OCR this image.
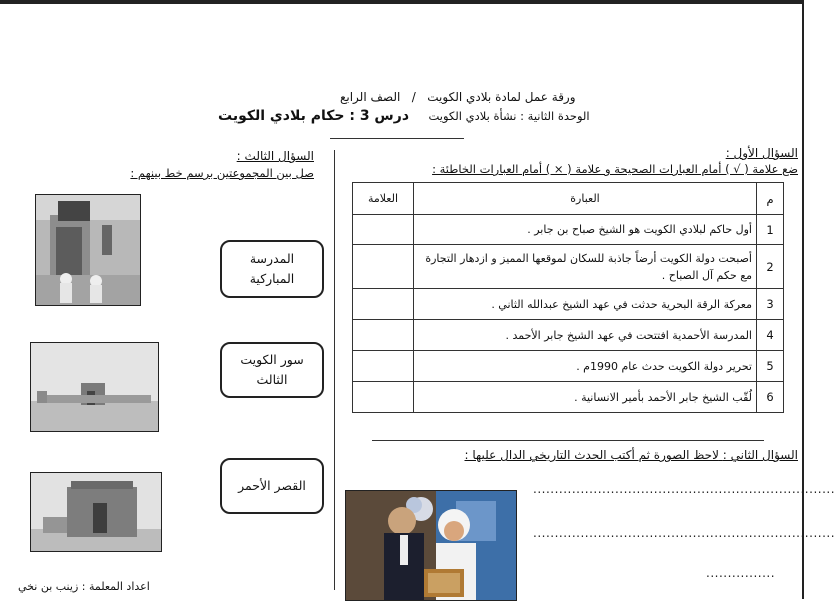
ورقة عمل لمادة بلادي الكويت   /   الصف الرابع
الوحدة الثانية : نشأة بلادي الكويت    درس 3 : حكام بلادي الكويت
السؤال الأول :
ضع علامة ( √ ) أمام العبارات الصحيحة و علامة ( × ) أمام العبارات الخاطئة :
م	العبارة	العلامة
1	أول حاكم لبلادي الكويت هو الشيخ صباح بن جابر .	
2	أصبحت دولة الكويت أرضاً جاذبة للسكان لموقعها المميز و ازدهار التجارة مع حكم آل الصباح .	
3	معركة الرقة البحرية حدثت في عهد الشيخ عبدالله الثاني .	
4	المدرسة الأحمدية افتتحت في عهد الشيخ جابر الأحمد .	
5	تحرير دولة الكويت حدث عام 1990م .	
6	لُقّب الشيخ جابر الأحمد بأمير الانسانية .	
السؤال الثاني : لاحظ الصورة ثم أكتب الحدث التاريخي الدال عليها :
......................................................................
......................................................................
................
السؤال الثالث :
صل بين المجموعتين برسم خط بينهم :
المدرسة
المباركية
سور الكويت
الثالث
القصر الأحمر
اعداد المعلمة : زينب بن نخي
